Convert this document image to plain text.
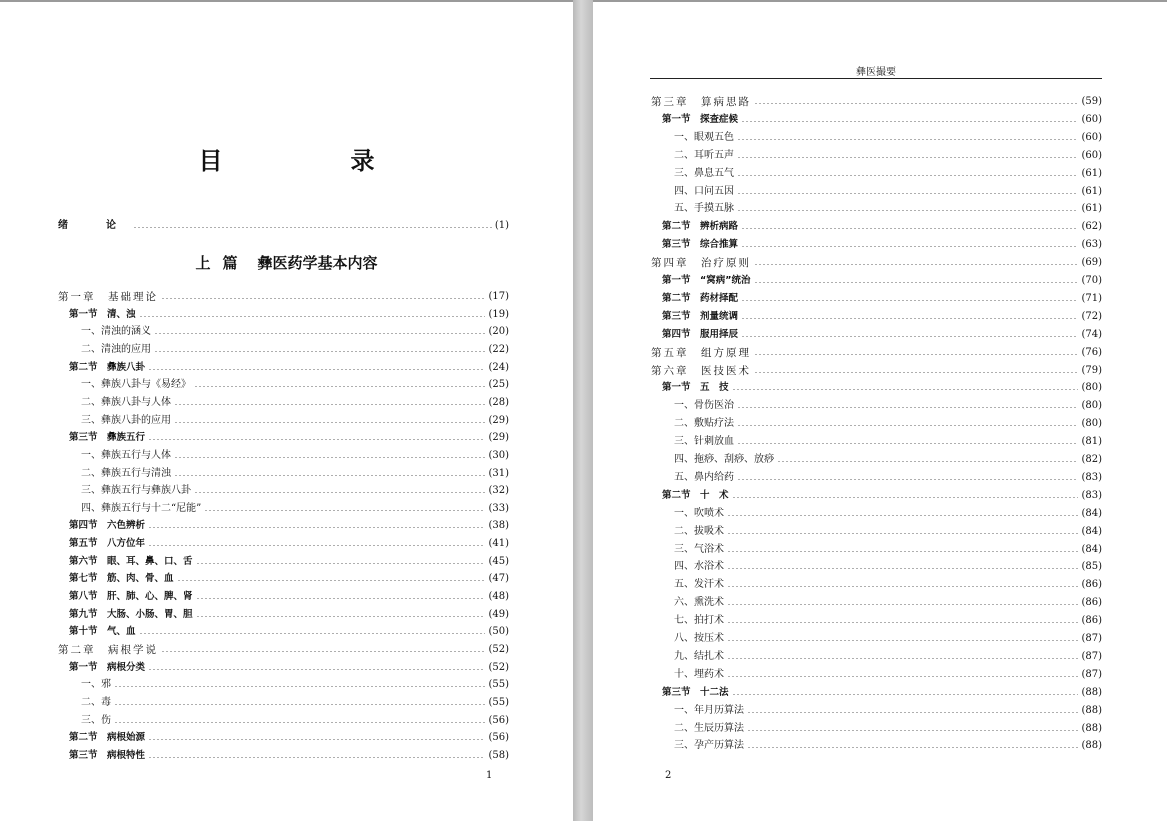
目　录
绪　论	(1)
第一章　基础理论	(17)
第一节　清、浊	(19)
一、清浊的涵义	(20)
二、清浊的应用	(22)
第二节　彝族八卦	(24)
一、彝族八卦与《易经》	(25)
二、彝族八卦与人体	(28)
三、彝族八卦的应用	(29)
第三节　彝族五行	(29)
一、彝族五行与人体	(30)
二、彝族五行与清浊	(31)
三、彝族五行与彝族八卦	(32)
四、彝族五行与十二“尼能”	(33)
第四节　六色辨析	(38)
第五节　八方位年	(41)
第六节　眼、耳、鼻、口、舌	(45)
第七节　筋、肉、骨、血	(47)
第八节　肝、肺、心、脾、肾	(48)
第九节　大肠、小肠、胃、胆	(49)
第十节　气、血	(50)
第二章　病根学说	(52)
第一节　病根分类	(52)
一、邪	(55)
二、毒	(55)
三、伤	(56)
第二节　病根始源	(56)
第三节　病根特性	(58)
上 篇 彝医药学基本内容
第三章　算病思路	(59)
第一节　探查症候	(60)
一、眼观五色	(60)
二、耳听五声	(60)
三、鼻息五气	(61)
四、口问五因	(61)
五、手摸五脉	(61)
第二节　辨析病路	(62)
第三节　综合推算	(63)
第四章　治疗原则	(69)
第一节　“窝病”统治	(70)
第二节　药材择配	(71)
第三节　剂量统调	(72)
第四节　服用择辰	(74)
第五章　组方原理	(76)
第六章　医技医术	(79)
第一节　五　技	(80)
一、骨伤医治	(80)
二、敷贴疗法	(80)
三、针刺放血	(81)
四、拖痧、刮痧、放痧	(82)
五、鼻内给药	(83)
第二节　十　术	(83)
一、吹喷术	(84)
二、拔吸术	(84)
三、气浴术	(84)
四、水浴术	(85)
五、发汗术	(86)
六、熏洗术	(86)
七、拍打术	(86)
八、按压术	(87)
九、结扎术	(87)
十、埋药术	(87)
第三节　十二法	(88)
一、年月历算法	(88)
二、生辰历算法	(88)
三、孕产历算法	(88)
彝医撮要
1	2
